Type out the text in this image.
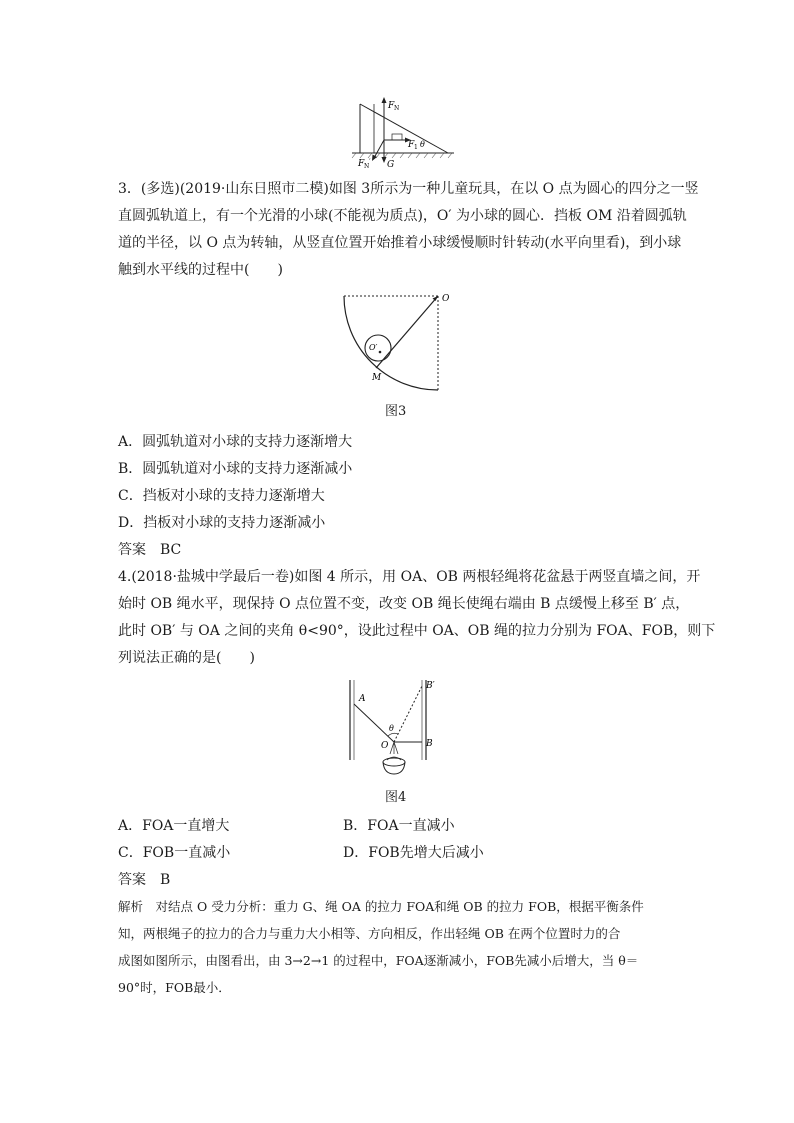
F N
F 1 θ
F N
′ G
3．(多选)(2019·山东日照市二模)如图 3所示为一种儿童玩具，在以 O 点为圆心的四分之一竖
直圆弧轨道上，有一个光滑的小球(不能视为质点)，O′ 为小球的圆心．挡板 OM 沿着圆弧轨
道的半径，以 O 点为转轴，从竖直位置开始推着小球缓慢顺时针转动(水平向里看)，到小球
触到水平线的过程中(　　)
O
O′
M
图3
A．圆弧轨道对小球的支持力逐渐增大
B．圆弧轨道对小球的支持力逐渐减小
C．挡板对小球的支持力逐渐增大
D．挡板对小球的支持力逐渐减小
答案　BC
4.(2018·盐城中学最后一卷)如图 4 所示，用 OA、OB 两根轻绳将花盆悬于两竖直墙之间，开
始时 OB 绳水平，现保持 O 点位置不变，改变 OB 绳长使绳右端由 B 点缓慢上移至 B′ 点，
此时 OB′ 与 OA 之间的夹角 θ<90°，设此过程中 OA、OB 绳的拉力分别为 FOA、FOB，则下
列说法正确的是(　　)
A
B′
B
O
θ
图4
A．FOA一直增大	B．FOA一直减小
C．FOB一直减小	D．FOB先增大后减小
答案　B
解析　对结点 O 受力分析：重力 G、绳 OA 的拉力 FOA和绳 OB 的拉力 FOB，根据平衡条件
知，两根绳子的拉力的合力与重力大小相等、方向相反，作出轻绳 OB 在两个位置时力的合
成图如图所示，由图看出，由 3→2→1 的过程中，FOA逐渐减小，FOB先减小后增大，当 θ＝
90°时，FOB最小．
